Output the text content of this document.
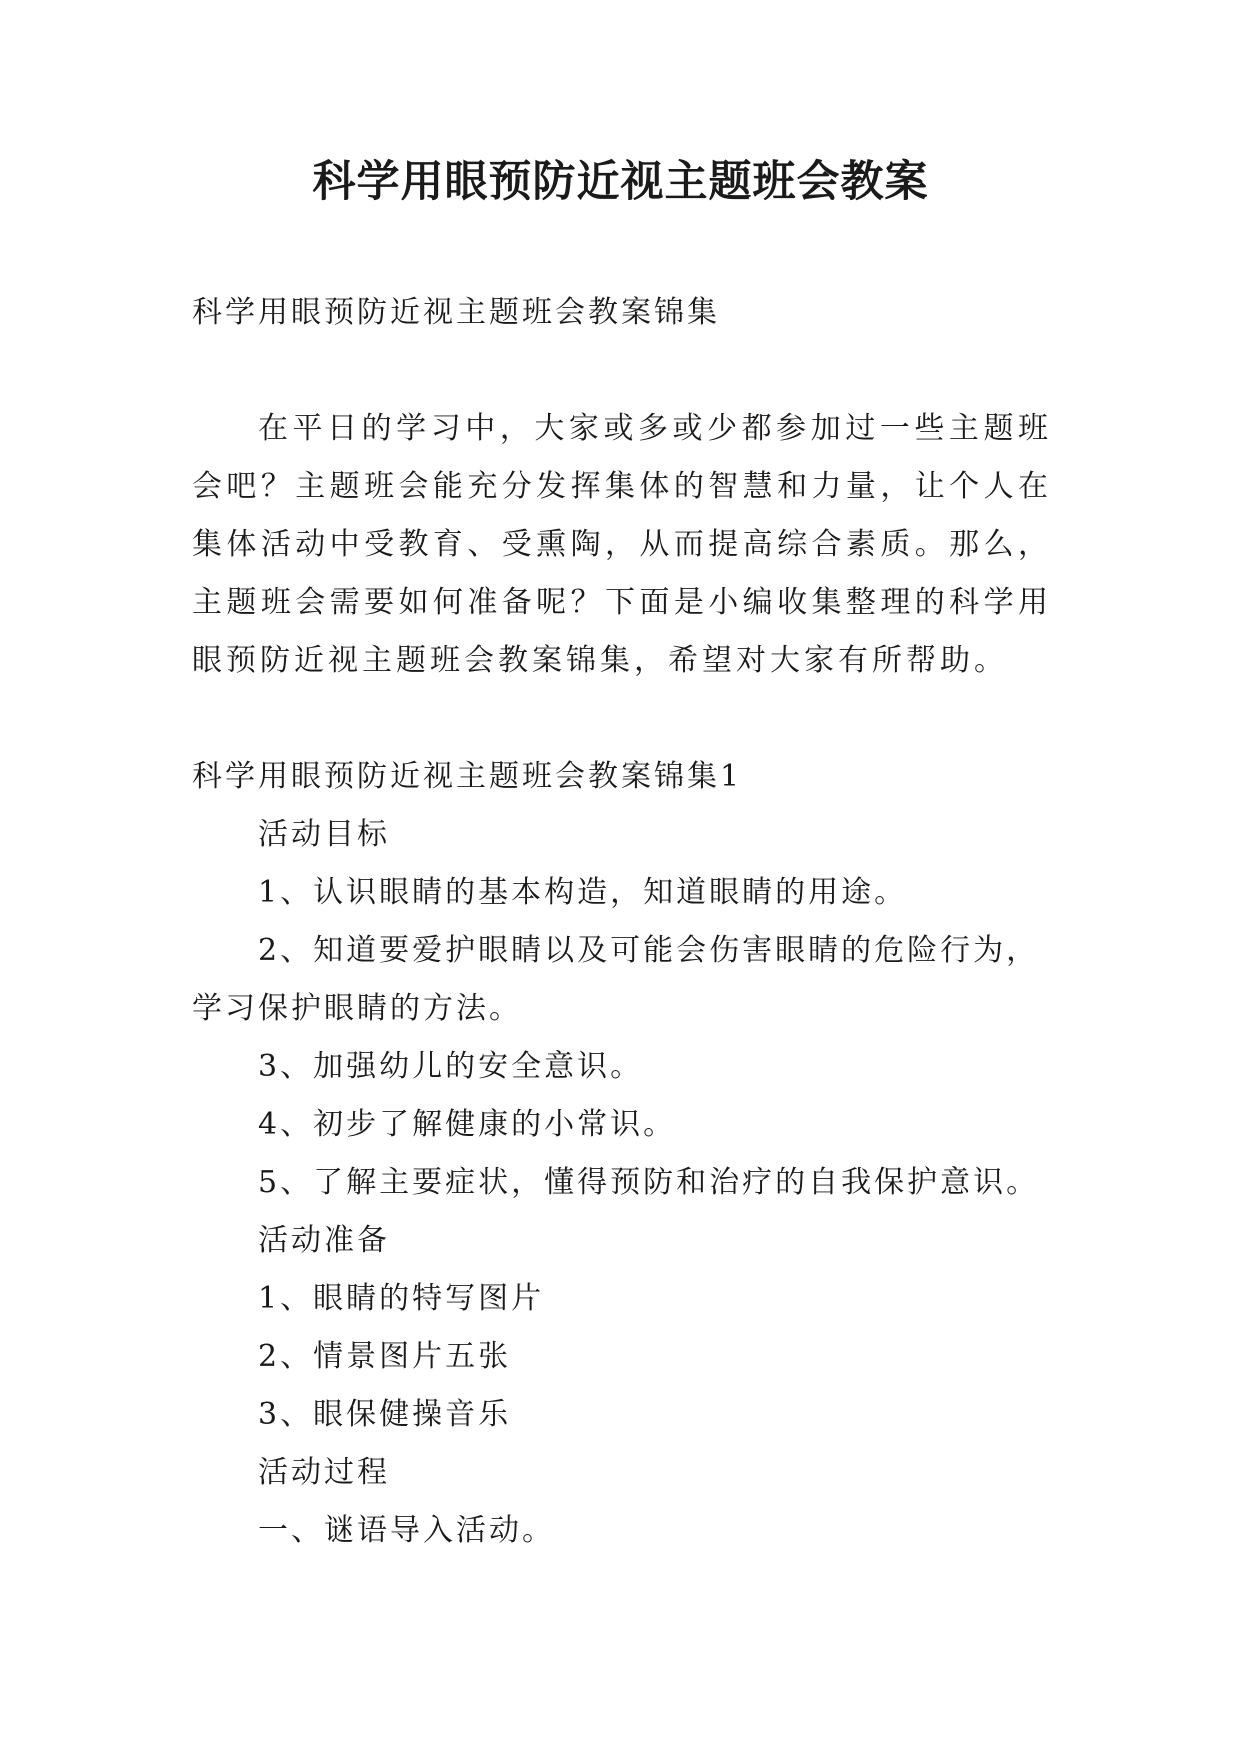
科学用眼预防近视主题班会教案
科学用眼预防近视主题班会教案锦集

在平日的学习中，大家或多或少都参加过一些主题班会吧？主题班会能充分发挥集体的智慧和力量，让个人在集体活动中受教育、受熏陶，从而提高综合素质。那么，主题班会需要如何准备呢？下面是小编收集整理的科学用眼预防近视主题班会教案锦集，希望对大家有所帮助。

科学用眼预防近视主题班会教案锦集1
活动目标
1、认识眼睛的基本构造，知道眼睛的用途。

2、知道要爱护眼睛以及可能会伤害眼睛的危险行为，学习保护眼睛的方法。

3、加强幼儿的安全意识。
4、初步了解健康的小常识。
5、了解主要症状，懂得预防和治疗的自我保护意识。
活动准备
1、眼睛的特写图片
2、情景图片五张
3、眼保健操音乐
活动过程
一、谜语导入活动。
